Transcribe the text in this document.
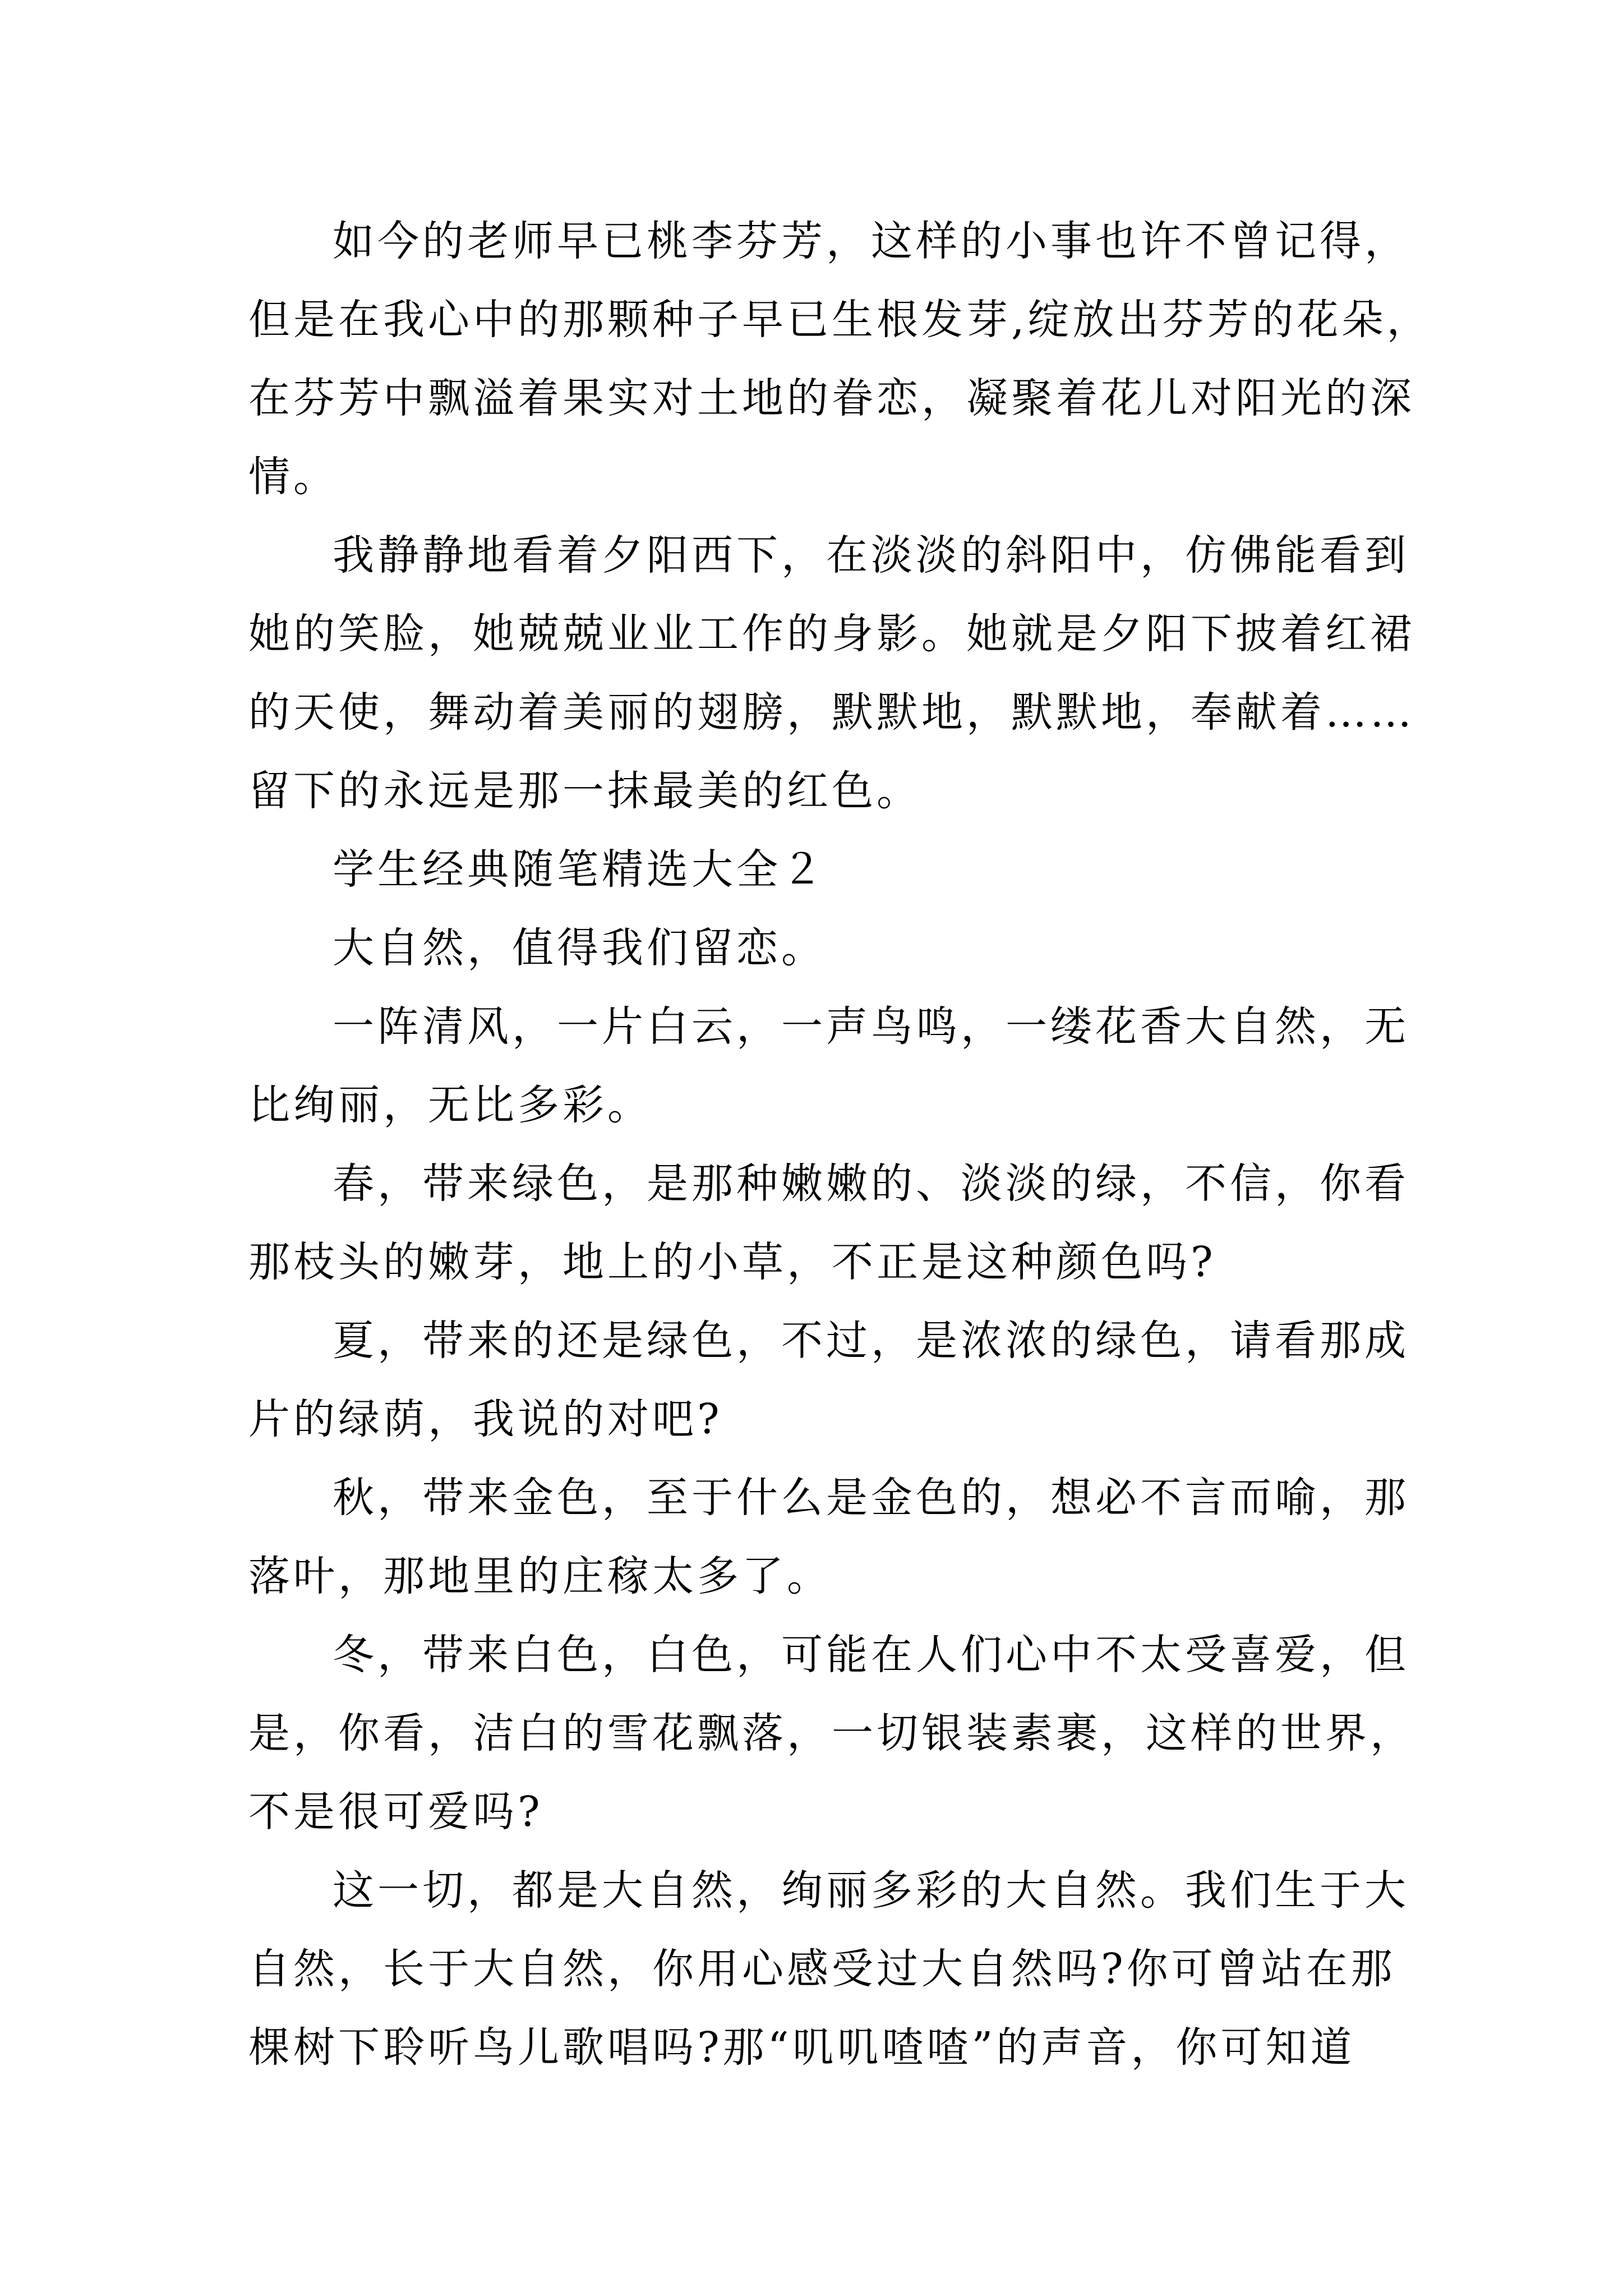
如今的老师早已桃李芬芳，这样的小事也许不曾记得，
但是在我心中的那颗种子早已生根发芽,绽放出芬芳的花朵，
在芬芳中飘溢着果实对土地的眷恋，凝聚着花儿对阳光的深
情。
我静静地看着夕阳西下，在淡淡的斜阳中，仿佛能看到
她的笑脸，她兢兢业业工作的身影。她就是夕阳下披着红裙
的天使，舞动着美丽的翅膀，默默地，默默地，奉献着……
留下的永远是那一抹最美的红色。
学生经典随笔精选大全２
大自然，值得我们留恋。
一阵清风，一片白云，一声鸟鸣，一缕花香大自然，无
比绚丽，无比多彩。
春，带来绿色，是那种嫩嫩的、淡淡的绿，不信，你看
那枝头的嫩芽，地上的小草，不正是这种颜色吗?
夏，带来的还是绿色，不过，是浓浓的绿色，请看那成
片的绿荫，我说的对吧?
秋，带来金色，至于什么是金色的，想必不言而喻，那
落叶，那地里的庄稼太多了。
冬，带来白色，白色，可能在人们心中不太受喜爱，但
是，你看，洁白的雪花飘落，一切银装素裹，这样的世界，
不是很可爱吗?
这一切，都是大自然，绚丽多彩的大自然。我们生于大
自然，长于大自然，你用心感受过大自然吗?你可曾站在那
棵树下聆听鸟儿歌唱吗?那“叽叽喳喳”的声音，你可知道
